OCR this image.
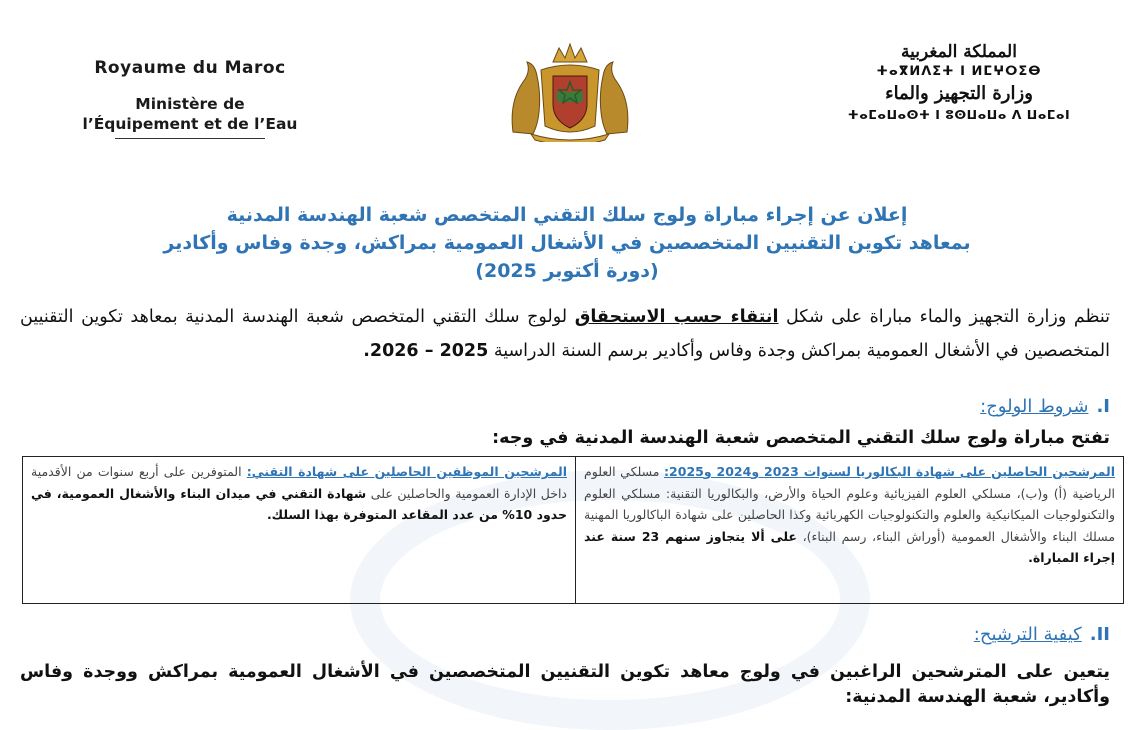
Royaume du Maroc
Ministère de
l’Équipement et de l’Eau
المملكة المغربية
ⵜⴰⴳⵍⴷⵉⵜ ⵏ ⵍⵎⵖⵔⵉⴱ
وزارة التجهيز والماء
ⵜⴰⵎⴰⵡⴰⵙⵜ ⵏ ⵓⵙⵡⴰⵡⴰ ⴷ ⵡⴰⵎⴰⵏ
إعلان عن إجراء مباراة ولوج سلك التقني المتخصص شعبة الهندسة المدنية
بمعاهد تكوين التقنيين المتخصصين في الأشغال العمومية بمراكش، وجدة وفاس وأكادير
(دورة أكتوبر 2025)
تنظم وزارة التجهيز والماء مباراة على شكل انتقاء حسب الاستحقاق لولوج سلك التقني المتخصص شعبة الهندسة المدنية بمعاهد تكوين التقنيين المتخصصين في الأشغال العمومية بمراكش وجدة وفاس وأكادير برسم السنة الدراسية 2025 – 2026.
I.شروط الولوج:
تفتح مباراة ولوج سلك التقني المتخصص شعبة الهندسة المدنية في وجه:
المرشحين الحاصلين على شهادة البكالوريا لسنوات 2023 و2024 و2025: مسلكي العلوم الرياضية (أ) و(ب)، مسلكي العلوم الفيزيائية وعلوم الحياة والأرض، والبكالوريا التقنية: مسلكي العلوم والتكنولوجيات الميكانيكية والعلوم والتكنولوجيات الكهربائية وكذا الحاصلين على شهادة الباكالوريا المهنية مسلك البناء والأشغال العمومية (أوراش البناء، رسم البناء)، على ألا يتجاوز سنهم 23 سنة عند إجراء المباراة.
المرشحين الموظفين الحاصلين على شهادة التقني: المتوفرين على أربع سنوات من الأقدمية داخل الإدارة العمومية والحاصلين على شهادة التقني في ميدان البناء والأشغال العمومية، في حدود 10% من عدد المقاعد المتوفرة بهذا السلك.
II.كيفية الترشيح:
يتعين على المترشحين الراغبين في ولوج معاهد تكوين التقنيين المتخصصين في الأشغال العمومية بمراكش ووجدة وفاس وأكادير، شعبة الهندسة المدنية:
